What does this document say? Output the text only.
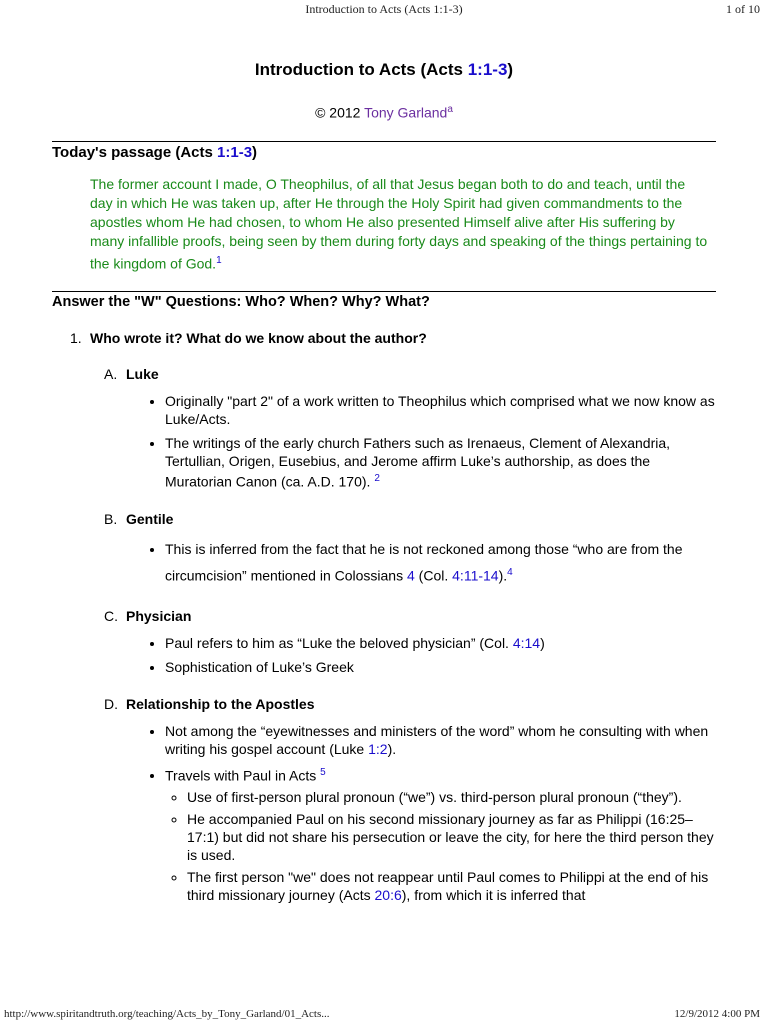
Introduction to Acts (Acts 1:1-3)	1 of 10
Introduction to Acts (Acts 1:1-3)
© 2012 Tony Garland$^a$
Today's passage (Acts 1:1-3)
The former account I made, O Theophilus, of all that Jesus began both to do and teach, until the day in which He was taken up, after He through the Holy Spirit had given commandments to the apostles whom He had chosen, to whom He also presented Himself alive after His suffering by many infallible proofs, being seen by them during forty days and speaking of the things pertaining to the kingdom of God.$^1$
Answer the "W" Questions: Who? When? Why? What?
1. Who wrote it? What do we know about the author?
A. Luke
• Originally "part 2" of a work written to Theophilus which comprised what we now know as Luke/Acts.
• The writings of the early church Fathers such as Irenaeus, Clement of Alexandria, Tertullian, Origen, Eusebius, and Jerome affirm Luke’s authorship, as does the Muratorian Canon (ca. A.D. 170). $^2$
B. Gentile
• This is inferred from the fact that he is not reckoned among those “who are from the circumcision” mentioned in Colossians 4 (Col. 4:11-14).$^4$
C. Physician
• Paul refers to him as “Luke the beloved physician” (Col. 4:14)
• Sophistication of Luke’s Greek
D. Relationship to the Apostles
• Not among the “eyewitnesses and ministers of the word” whom he consulting with when writing his gospel account (Luke 1:2).
• Travels with Paul in Acts $^5$
◦ Use of first-person plural pronoun (“we”) vs. third-person plural pronoun (“they”).
◦ He accompanied Paul on his second missionary journey as far as Philippi (16:25–17:1) but did not share his persecution or leave the city, for here the third person they is used.
◦ The first person "we" does not reappear until Paul comes to Philippi at the end of his third missionary journey (Acts 20:6), from which it is inferred that
http://www.spiritandtruth.org/teaching/Acts_by_Tony_Garland/01_Acts...	12/9/2012 4:00 PM
